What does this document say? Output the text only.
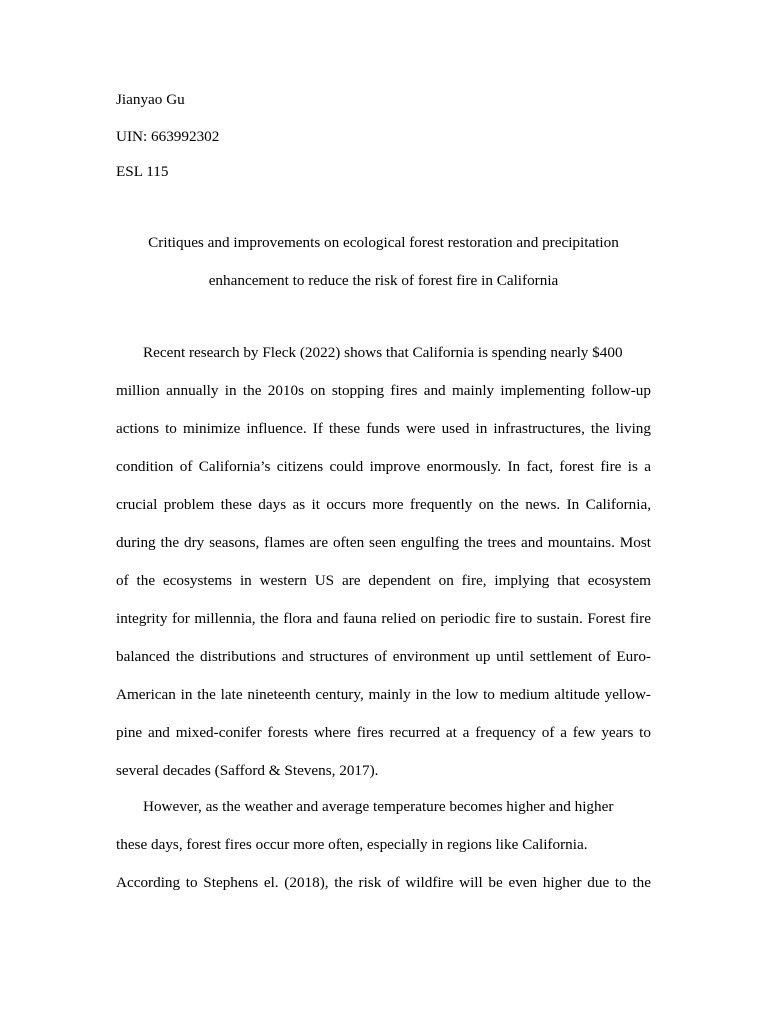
Jianyao Gu
UIN: 663992302
ESL 115
Critiques and improvements on ecological forest restoration and precipitation
enhancement to reduce the risk of forest fire in California
Recent research by Fleck (2022) shows that California is spending nearly $400
million annually in the 2010s on stopping fires and mainly implementing follow-up
actions to minimize influence. If these funds were used in infrastructures, the living
condition of California’s citizens could improve enormously. In fact, forest fire is a
crucial problem these days as it occurs more frequently on the news. In California,
during the dry seasons, flames are often seen engulfing the trees and mountains. Most
of the ecosystems in western US are dependent on fire, implying that ecosystem
integrity for millennia, the flora and fauna relied on periodic fire to sustain. Forest fire
balanced the distributions and structures of environment up until settlement of Euro-
American in the late nineteenth century, mainly in the low to medium altitude yellow-
pine and mixed-conifer forests where fires recurred at a frequency of a few years to
several decades (Safford & Stevens, 2017).
However, as the weather and average temperature becomes higher and higher
these days, forest fires occur more often, especially in regions like California.
According to Stephens el. (2018), the risk of wildfire will be even higher due to the
